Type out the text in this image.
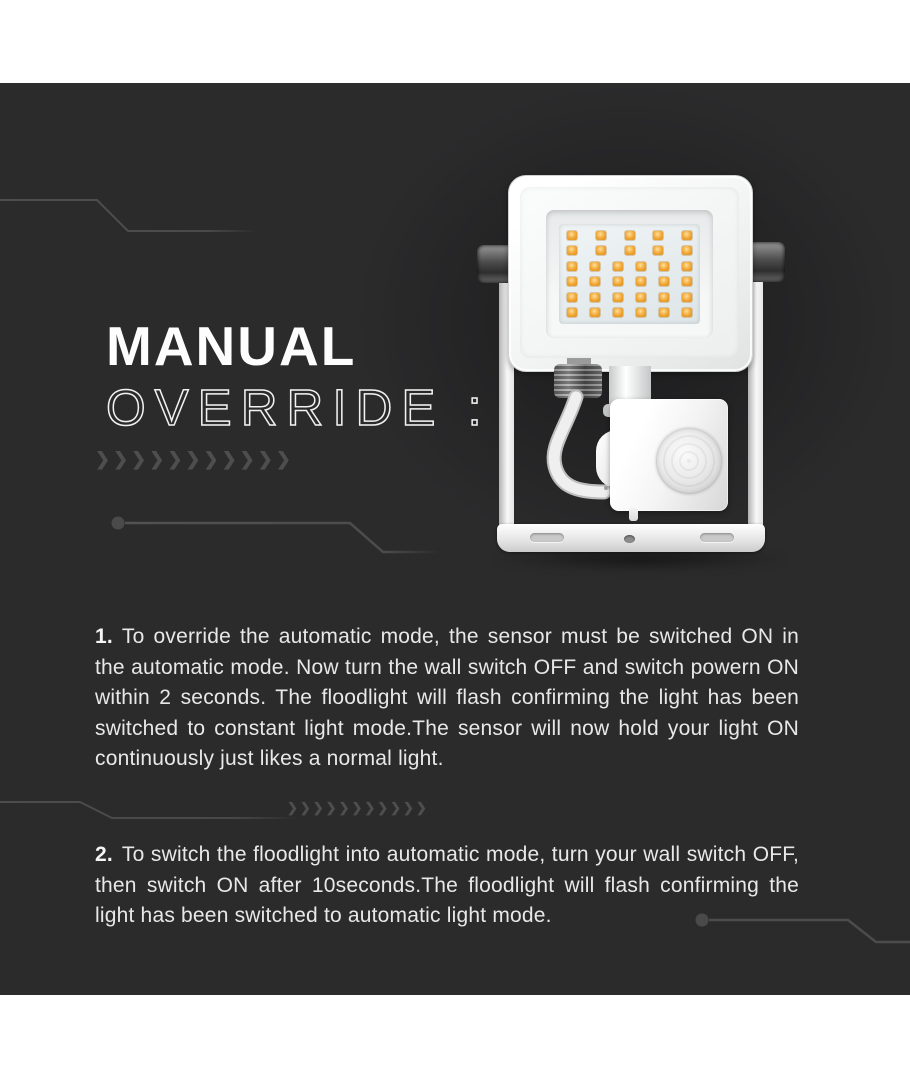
MANUAL
OVERRIDE :
❯❯❯❯❯❯❯❯❯❯❯

1. To override the automatic mode, the sensor must be switched ON in the automatic mode. Now turn the wall switch OFF and switch powern ON within 2 seconds. The floodlight will flash confirming the light has been switched to constant light mode.The sensor will now hold your light ON continuously just likes a normal light.

❯❯❯❯❯❯❯❯❯❯❯

2. To switch the floodlight into automatic mode, turn your wall switch OFF, then switch ON after 10seconds.The floodlight will flash confirming the light has been switched to automatic light mode.
